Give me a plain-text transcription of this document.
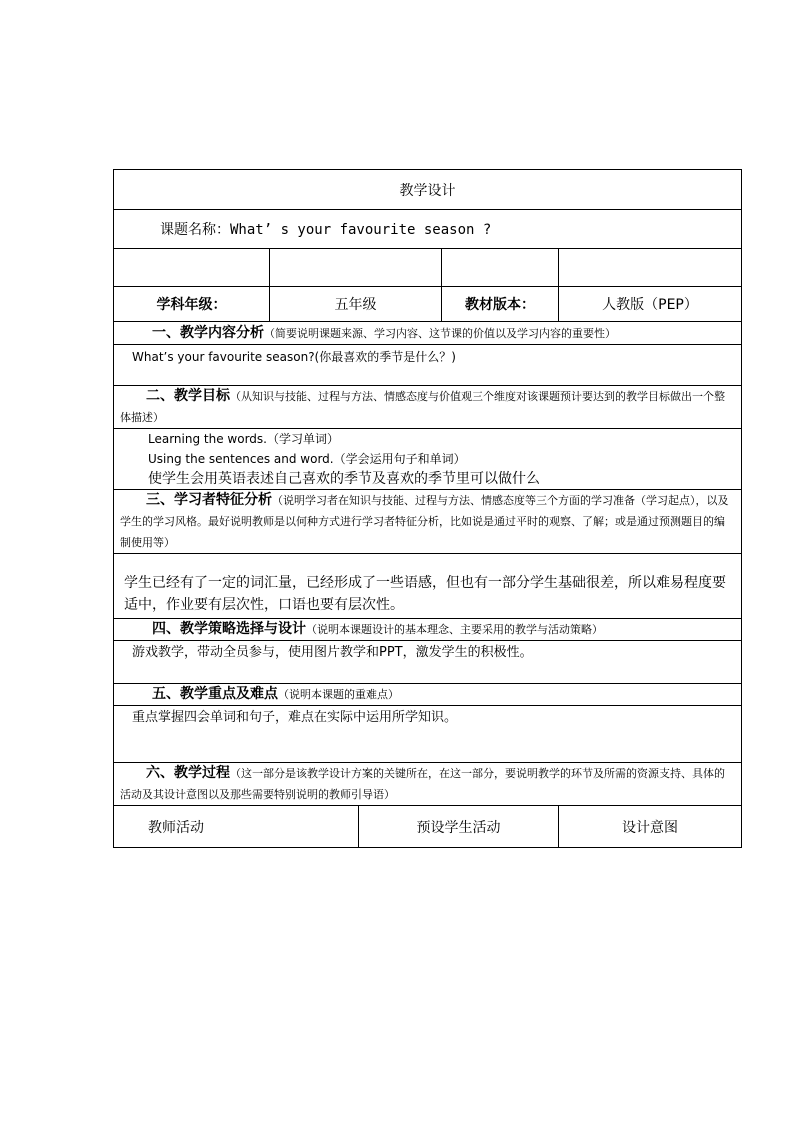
教学设计				
课题名称：What’ s your favourite season ?				

学科年级：	五年级		教材版本：	人教版（PEP）
一、教学内容分析（简要说明课题来源、学习内容、这节课的价值以及学习内容的重要性）				
What’s your favourite season?(你最喜欢的季节是什么？)				
二、教学目标（从知识与技能、过程与方法、情感态度与价值观三个维度对该课题预计要达到的教学目标做出一个整体描述）				

Learning the words.（学习单词）
Using the sentences and word.（学会运用句子和单词）
使学生会用英语表述自己喜欢的季节及喜欢的季节里可以做什么				

三、学习者特征分析（说明学习者在知识与技能、过程与方法、情感态度等三个方面的学习准备（学习起点），以及学生的学习风格。最好说明教师是以何种方式进行学习者特征分析，比如说是通过平时的观察、了解；或是通过预测题目的编制使用等）				
学生已经有了一定的词汇量，已经形成了一些语感，但也有一部分学生基础很差，所以难易程度要适中，作业要有层次性，口语也要有层次性。				
四、教学策略选择与设计（说明本课题设计的基本理念、主要采用的教学与活动策略）				
游戏教学，带动全员参与，使用图片教学和PPT，激发学生的积极性。				
五、教学重点及难点（说明本课题的重难点）				
重点掌握四会单词和句子，难点在实际中运用所学知识。				
六、教学过程（这一部分是该教学设计方案的关键所在，在这一部分，要说明教学的环节及所需的资源支持、具体的活动及其设计意图以及那些需要特别说明的教师引导语）				
教师活动		预设学生活动		设计意图
